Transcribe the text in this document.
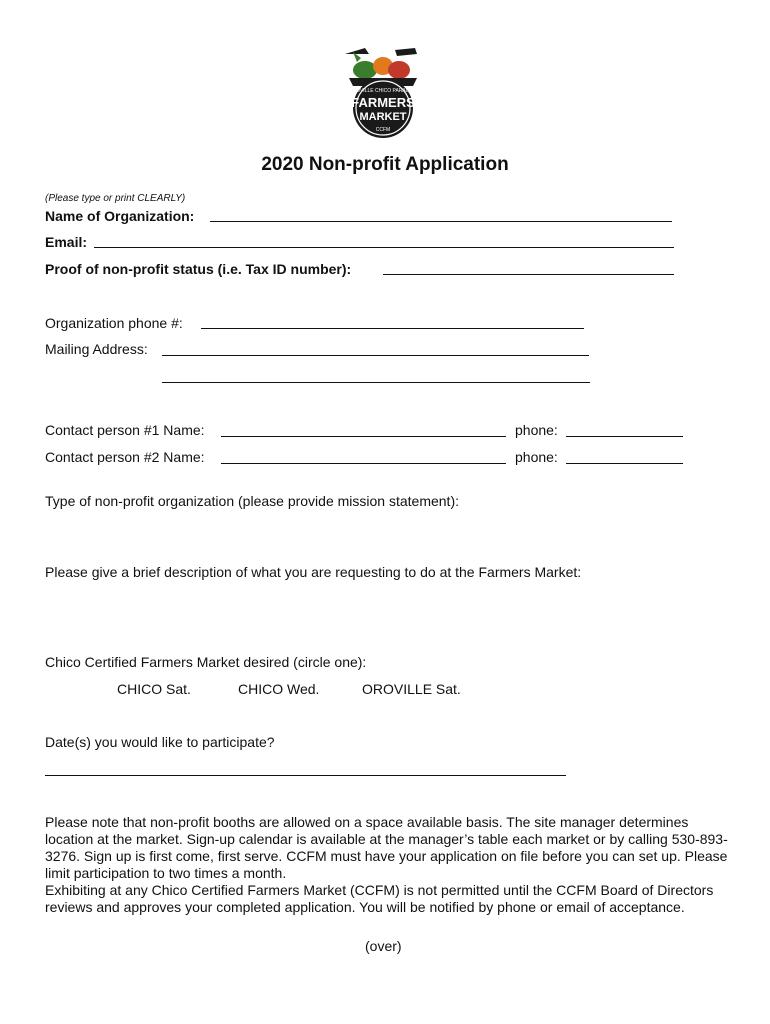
OROVILLE CHICO PARADISE
FARMERS
MARKET
CCFM
2020 Non-profit Application
(Please type or print CLEARLY)
Name of Organization:
Email:
Proof of non-profit status (i.e. Tax ID number):
Organization phone #:
Mailing Address:
Contact person #1 Name:	phone:
Contact person #2 Name:	phone:
Type of non-profit organization (please provide mission statement):
Please give a brief description of what you are requesting to do at the Farmers Market:
Chico Certified Farmers Market desired (circle one):
CHICO Sat.	CHICO Wed.	OROVILLE Sat.
Date(s) you would like to participate?

Please note that non-profit booths are allowed on a space available basis. The site manager determines location at the market. Sign-up calendar is available at the manager’s table each market or by calling 530-893-3276. Sign up is first come, first serve. CCFM must have your application on file before you can set up. Please limit participation to two times a month.

Exhibiting at any Chico Certified Farmers Market (CCFM) is not permitted until the CCFM Board of Directors reviews and approves your completed application. You will be notified by phone or email of acceptance.

(over)
